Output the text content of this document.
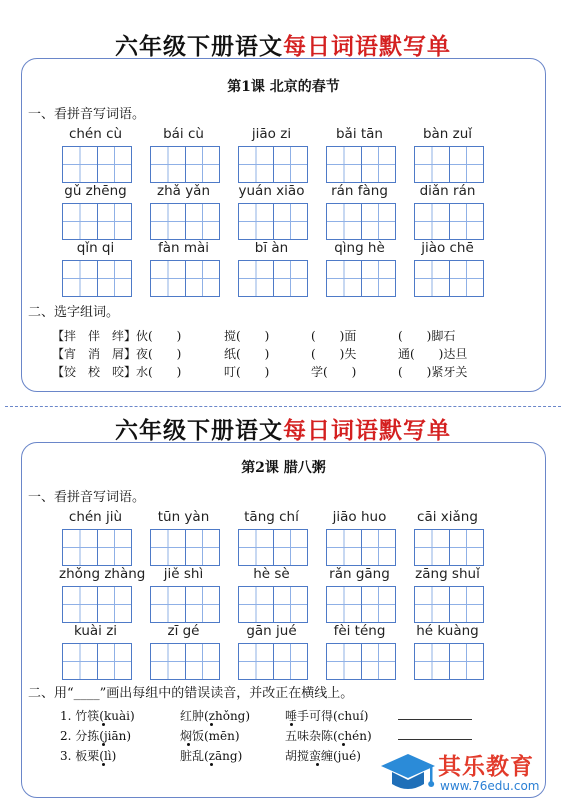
六年级下册语文每日词语默写单
第1课 北京的春节
一、看拼音写词语。
chén cù	bái cù	jiāo zi	bǎi tān	bàn zuǐ
gǔ zhēng	zhǎ yǎn	yuán xiāo	rán fàng	diǎn rán
qǐn qi	fàn mài	bī àn	qìng hè	jiào chē
二、选字组词。
【拌　伴　绊】伙(　　)	搅(　　)	(　　)面	(　　)脚石
【宵　消　屑】夜(　　)	纸(　　)	(　　)失	通(　　)达旦
【饺　校　咬】水(　　)	叮(　　)	学(　　)	(　　)紧牙关
六年级下册语文每日词语默写单
第2课 腊八粥
一、看拼音写词语。
chén jiù	tūn yàn	tāng chí	jiāo huo	cāi xiǎng
zhǒng zhàng	jiě shì	hè sè	rǎn gāng	zāng shuǐ
kuài zi	zī gé	gān jué	fèi téng	hé kuàng
二、用“____”画出每组中的错误读音，并改正在横线上。
1. 竹筷(kuài)	红肿(zhǒng)	唾手可得(chuí)
2. 分拣(jiān)	焖饭(mēn)	五味杂陈(chén)
3. 板栗(lì)	脏乱(zāng)	胡搅蛮缠(jué)	其乐教育
www.76edu.com
